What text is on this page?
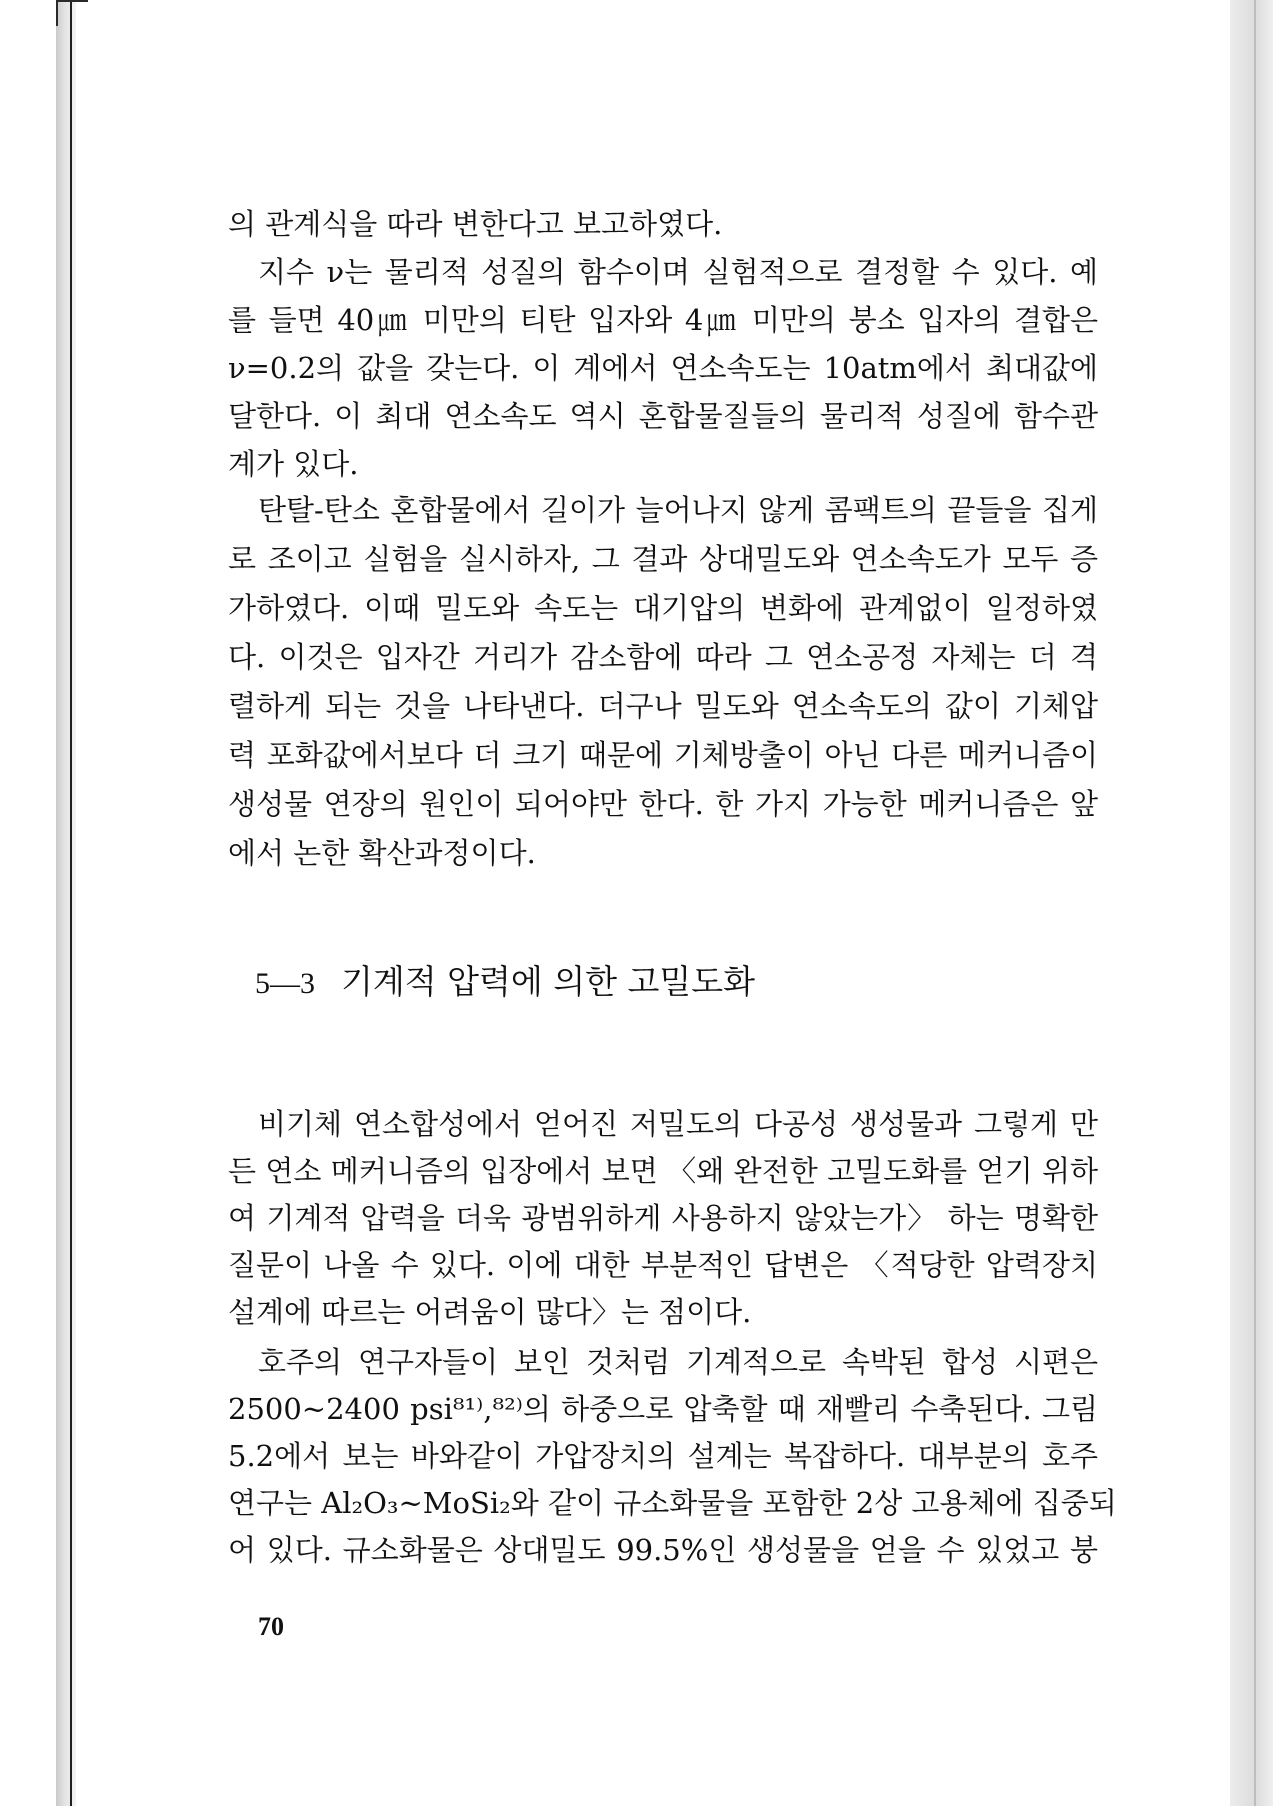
의 관계식을 따라 변한다고 보고하였다.
지수 ν는 물리적 성질의 함수이며 실험적으로 결정할 수 있다. 예
를 들면 40㎛ 미만의 티탄 입자와 4㎛ 미만의 붕소 입자의 결합은
ν=0.2의 값을 갖는다. 이 계에서 연소속도는 10atm에서 최대값에
달한다. 이 최대 연소속도 역시 혼합물질들의 물리적 성질에 함수관
계가 있다.
탄탈-탄소 혼합물에서 길이가 늘어나지 않게 콤팩트의 끝들을 집게
로 조이고 실험을 실시하자, 그 결과 상대밀도와 연소속도가 모두 증
가하였다. 이때 밀도와 속도는 대기압의 변화에 관계없이 일정하였
다. 이것은 입자간 거리가 감소함에 따라 그 연소공정 자체는 더 격
렬하게 되는 것을 나타낸다. 더구나 밀도와 연소속도의 값이 기체압
력 포화값에서보다 더 크기 때문에 기체방출이 아닌 다른 메커니즘이
생성물 연장의 원인이 되어야만 한다. 한 가지 가능한 메커니즘은 앞
에서 논한 확산과정이다.
5—3 기계적 압력에 의한 고밀도화
비기체 연소합성에서 얻어진 저밀도의 다공성 생성물과 그렇게 만
든 연소 메커니즘의 입장에서 보면 〈왜 완전한 고밀도화를 얻기 위하
여 기계적 압력을 더욱 광범위하게 사용하지 않았는가〉 하는 명확한
질문이 나올 수 있다. 이에 대한 부분적인 답변은 〈적당한 압력장치
설계에 따르는 어려움이 많다〉는 점이다.
호주의 연구자들이 보인 것처럼 기계적으로 속박된 합성 시편은
2500~2400 psi⁸¹⁾,⁸²⁾의 하중으로 압축할 때 재빨리 수축된다. 그림
5.2에서 보는 바와같이 가압장치의 설계는 복잡하다. 대부분의 호주
연구는 Al₂O₃~MoSi₂와 같이 규소화물을 포함한 2상 고용체에 집중되
어 있다. 규소화물은 상대밀도 99.5%인 생성물을 얻을 수 있었고 붕
70
